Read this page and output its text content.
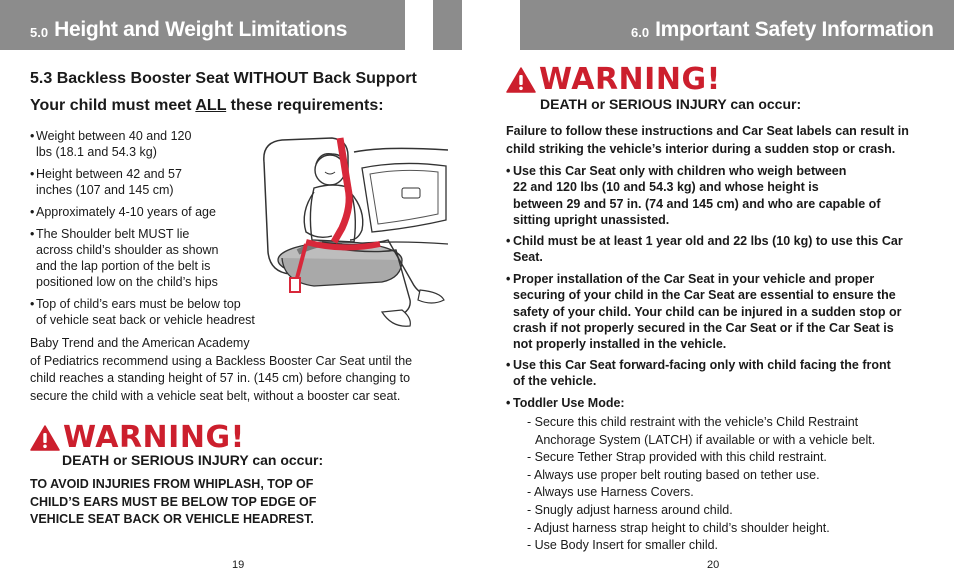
5.0 Height and Weight Limitations	6.0 Important Safety Information
5.3 Backless Booster Seat WITHOUT Back Support
Your child must meet ALL these requirements:
• Weight between 40 and 120
lbs (18.1 and 54.3 kg)
• Height between 42 and 57
inches (107 and 145 cm)
• Approximately 4-10 years of age
• The Shoulder belt MUST lie
across child’s shoulder as shown
and the lap portion of the belt is
positioned low on the child’s hips
• Top of child’s ears must be below top
of vehicle seat back or vehicle headrest
Baby Trend and the American Academy
of Pediatrics recommend using a Backless Booster Car Seat until the
child reaches a standing height of 57 in. (145 cm) before changing to
secure the child with a vehicle seat belt, without a booster car seat.
WARNING!
DEATH or SERIOUS INJURY can occur:
TO AVOID INJURIES FROM WHIPLASH, TOP OF
CHILD’S EARS MUST BE BELOW TOP EDGE OF
VEHICLE SEAT BACK OR VEHICLE HEADREST.
19
WARNING!
DEATH or SERIOUS INJURY can occur:
Failure to follow these instructions and Car Seat labels can result in
child striking the vehicle’s interior during a sudden stop or crash.
• Use this Car Seat only with children who weigh between
22 and 120 lbs (10 and 54.3 kg) and whose height is
between 29 and 57 in. (74 and 145 cm) and who are capable of
sitting upright unassisted.
• Child must be at least 1 year old and 22 lbs (10 kg) to use this Car
Seat.
• Proper installation of the Car Seat in your vehicle and proper
securing of your child in the Car Seat are essential to ensure the
safety of your child. Your child can be injured in a sudden stop or
crash if not properly secured in the Car Seat or if the Car Seat is
not properly installed in the vehicle.
• Use this Car Seat forward-facing only with child facing the front
of the vehicle.
• Toddler Use Mode:
- Secure this child restraint with the vehicle’s Child Restraint
Anchorage System (LATCH) if available or with a vehicle belt.
- Secure Tether Strap provided with this child restraint.
- Always use proper belt routing based on tether use.
- Always use Harness Covers.
- Snugly adjust harness around child.
- Adjust harness strap height to child’s shoulder height.
- Use Body Insert for smaller child.
20
